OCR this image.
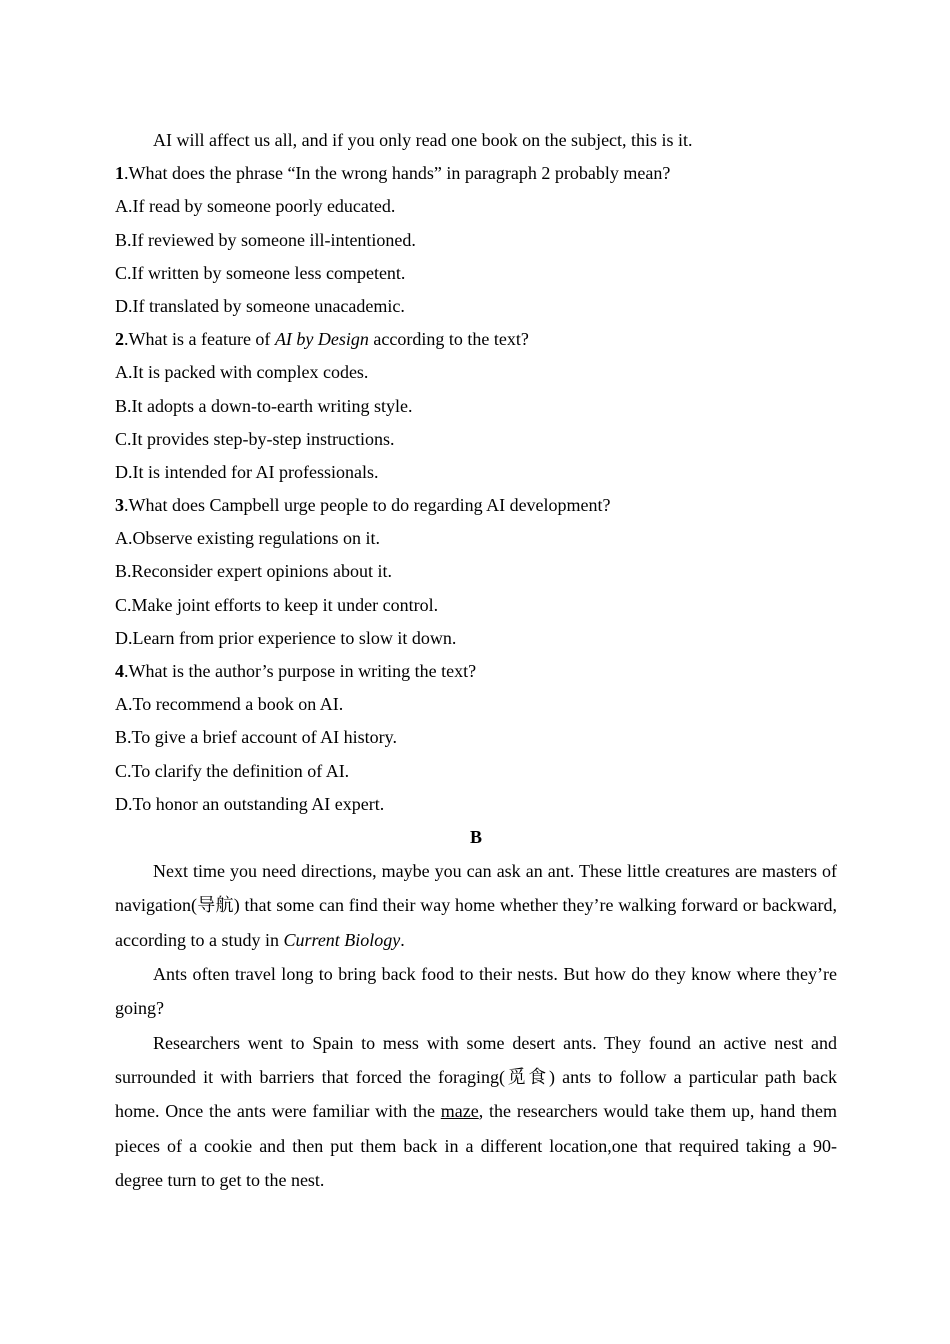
AI will affect us all, and if you only read one book on the subject, this is it.
1.What does the phrase “In the wrong hands” in paragraph 2 probably mean?
A.If read by someone poorly educated.
B.If reviewed by someone ill-intentioned.
C.If written by someone less competent.
D.If translated by someone unacademic.
2.What is a feature of AI by Design according to the text?
A.It is packed with complex codes.
B.It adopts a down-to-earth writing style.
C.It provides step-by-step instructions.
D.It is intended for AI professionals.
3.What does Campbell urge people to do regarding AI development?
A.Observe existing regulations on it.
B.Reconsider expert opinions about it.
C.Make joint efforts to keep it under control.
D.Learn from prior experience to slow it down.
4.What is the author’s purpose in writing the text?
A.To recommend a book on AI.
B.To give a brief account of AI history.
C.To clarify the definition of AI.
D.To honor an outstanding AI expert.
B

Next time you need directions, maybe you can ask an ant. These little creatures are masters of navigation(导航) that some can find their way home whether they’re walking forward or backward, according to a study in Current Biology.

Ants often travel long to bring back food to their nests. But how do they know where they’re going?

Researchers went to Spain to mess with some desert ants. They found an active nest and surrounded it with barriers that forced the foraging(觅食) ants to follow a particular path back home. Once the ants were familiar with the maze, the researchers would take them up, hand them pieces of a cookie and then put them back in a different location,one that required taking a 90-degree turn to get to the nest.
